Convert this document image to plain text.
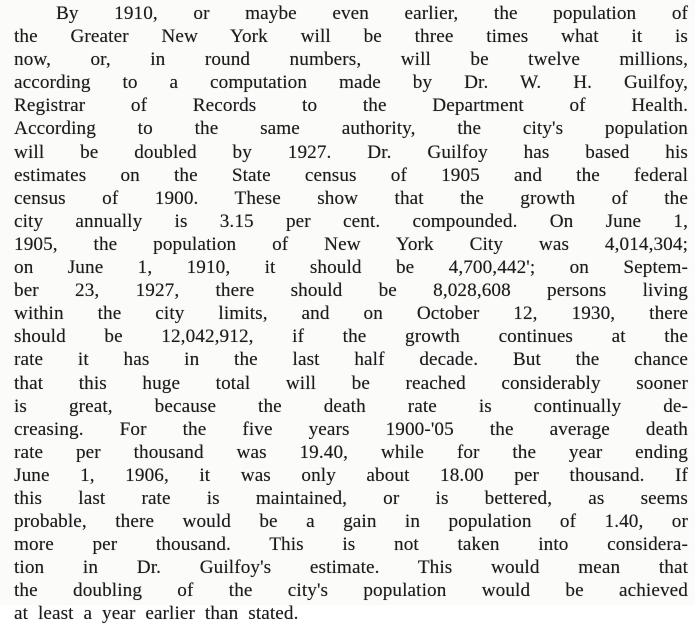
By 1910, or maybe even earlier, the population of
the Greater New York will be three times what it is
now, or, in round numbers, will be twelve millions,
according to a computation made by Dr. W. H. Guilfoy,
Registrar of Records to the Department of Health.
According to the same authority, the city's population
will be doubled by 1927. Dr. Guilfoy has based his
estimates on the State census of 1905 and the federal
census of 1900. These show that the growth of the
city annually is 3.15 per cent. compounded. On June 1,
1905, the population of New York City was 4,014,304;
on June 1, 1910, it should be 4,700,442'; on Septem-
ber 23, 1927, there should be 8,028,608 persons living
within the city limits, and on October 12, 1930, there
should be 12,042,912, if the growth continues at the
rate it has in the last half decade. But the chance
that this huge total will be reached considerably sooner
is great, because the death rate is continually de-
creasing. For the five years 1900-'05 the average death
rate per thousand was 19.40, while for the year ending
June 1, 1906, it was only about 18.00 per thousand. If
this last rate is maintained, or is bettered, as seems
probable, there would be a gain in population of 1.40, or
more per thousand. This is not taken into considera-
tion in Dr. Guilfoy's estimate. This would mean that
the doubling of the city's population would be achieved
at least a year earlier than stated.
